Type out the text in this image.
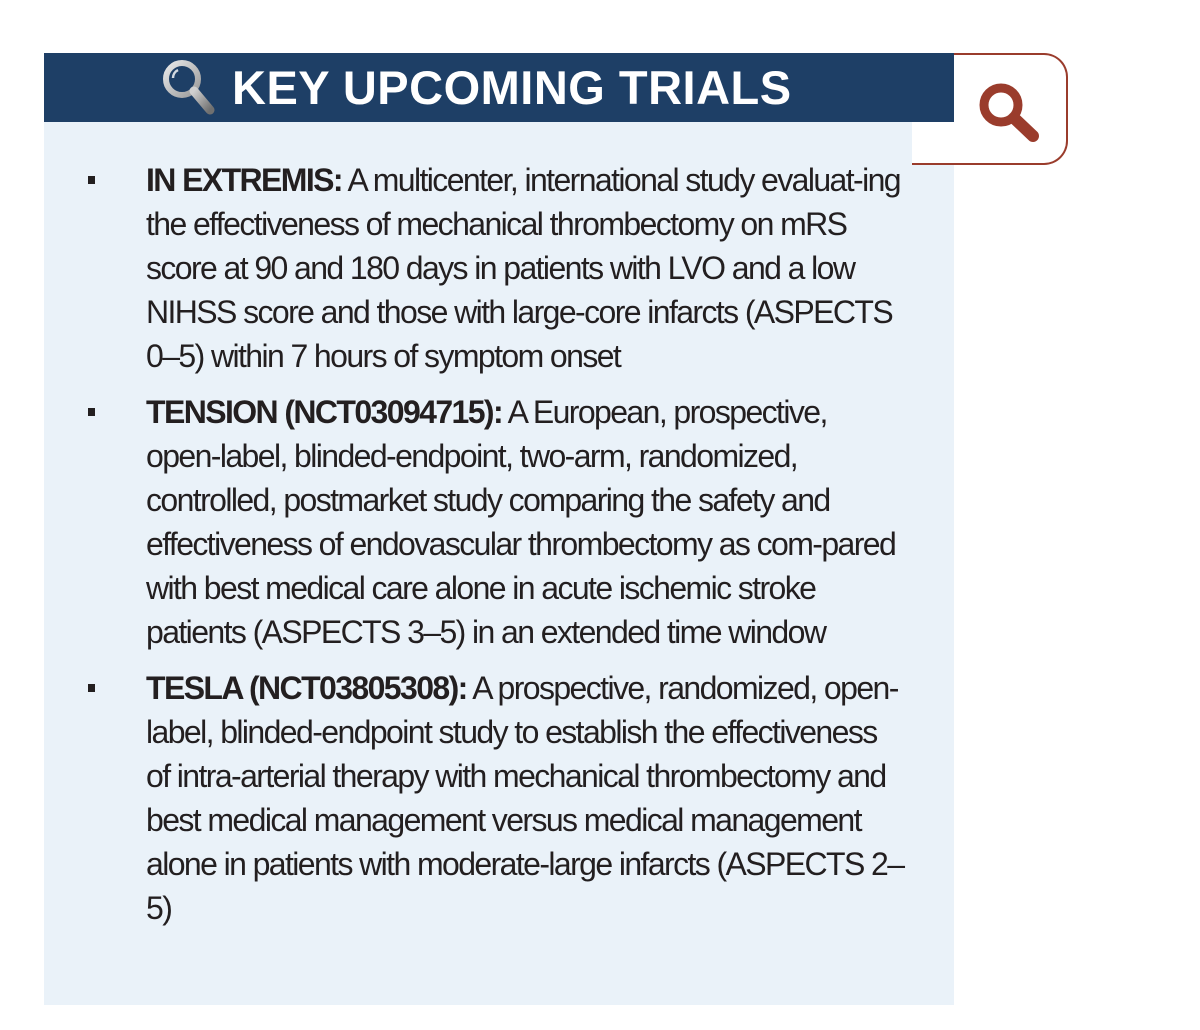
KEY UPCOMING TRIALS
IN EXTREMIS: A multicenter, international study evaluat-ing the effectiveness of mechanical thrombectomy on mRS score at 90 and 180 days in patients with LVO and a low NIHSS score and those with large-core infarcts (ASPECTS 0–5) within 7 hours of symptom onset
TENSION (NCT03094715): A European, prospective, open-label, blinded-endpoint, two-arm, randomized, controlled, postmarket study comparing the safety and effectiveness of endovascular thrombectomy as com-pared with best medical care alone in acute ischemic stroke patients (ASPECTS 3–5) in an extended time window
TESLA (NCT03805308): A prospective, randomized, open-label, blinded-endpoint study to establish the effectiveness of intra-arterial therapy with mechanical thrombectomy and best medical management versus medical management alone in patients with moderate-large infarcts (ASPECTS 2–5)
